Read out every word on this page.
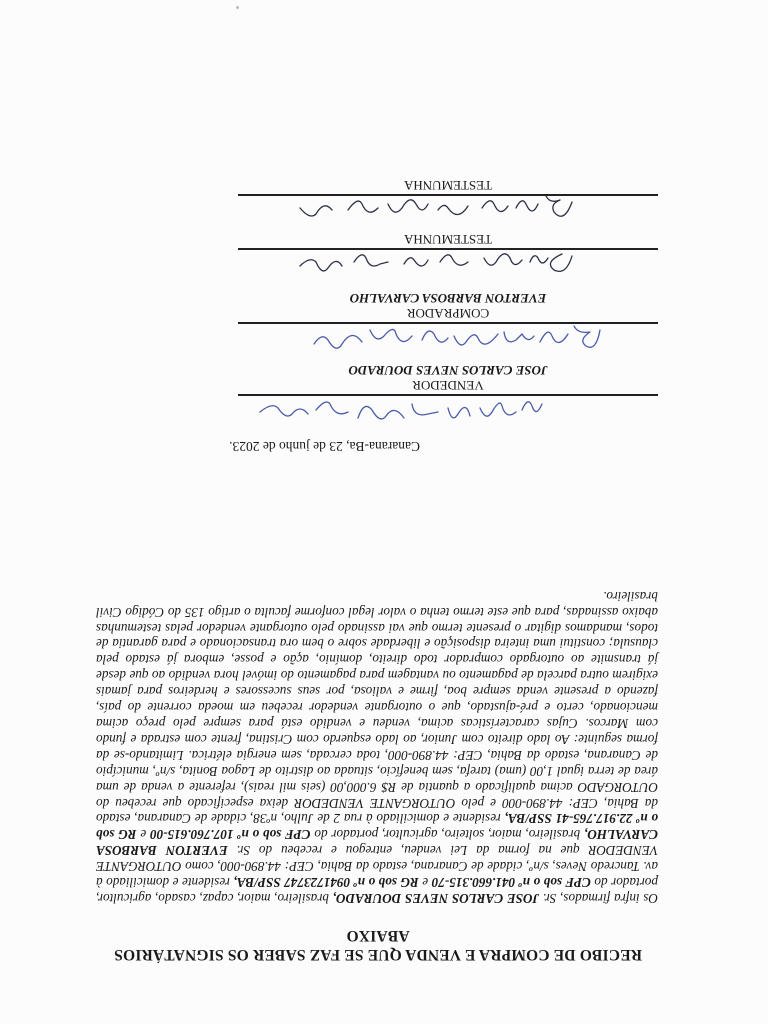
RECIBO DE COMPRA E VENDA QUE SE FAZ SABER OS SIGNATÁRIOS ABAIXO
Os infra firmados, Sr. JOSE CARLOS NEVES DOURADO, brasileiro, maior, capaz, casado, agricultor, portador do CPF sob o nº 041.660.315-70 e RG sob o nº 0941723747 SSP/BA, residente e domiciliado à av. Tancredo Neves, s/nº, cidade de Canarana, estado da Bahia, CEP: 44.890-000, como OUTORGANTE VENDEDOR que na forma da Lei vendeu, entregou e recebeu do Sr. EVERTON BARBOSA CARVALHO, brasileiro, maior, solteiro, agricultor, portador do CPF sob o nº 107.760.615-00 e RG sob o nº 22.917.765-41 SSP/BA, residente e domiciliado à rua 2 de Julho, nº38, cidade de Canarana, estado da Bahia, CEP: 44.890-000 e pelo OUTORGANTE VENDEDOR deixa especificado que recebeu do OUTORGADO acima qualificado a quantia de R$ 6.000,00 (seis mil reais), referente a venda de uma área de terra igual 1,00 (uma) tarefa, sem benefício, situada ao distrito de Lagoa Bonita, s/nº, município de Canarana, estado da Bahia, CEP: 44.890-000, toda cercada, sem energia elétrica. Limitando-se da forma seguinte: Ao lado direito com Junior, ao lado esquerdo com Cristina, frente com estrada e fundo com Marcos. Cujas características acima, vendeu e vendido está para sempre pelo preço acima mencionado, certo e pré-ajustado, que o outorgante vendedor recebeu em moeda corrente do país, fazendo a presente venda sempre boa, firme e valiosa, por seus sucessores e herdeiros para jamais exigirem outra parcela de pagamento ou vantagem para pagamento do imóvel hora vendido ao que desde já transmite ao outorgado comprador todo direito, domínio, ação e posse, embora já estado pela clausula; constitui uma inteira disposição e liberdade sobre o bem ora transacionado e para garantia de todos, mandamos digitar o presente termo que vai assinado pelo outorgante vendedor pelas testemunhas abaixo assinadas, para que este termo tenha o valor legal conforme facultа o artigo 135 do Código Civil brasileiro.
Canarana-Ba, 23 de junho de 2023.
VENDEDOR
JOSE CARLOS NEVES DOURADO
COMPRADOR
EVERTON BARBOSA CARVALHO
TESTEMUNHA
TESTEMUNHA
